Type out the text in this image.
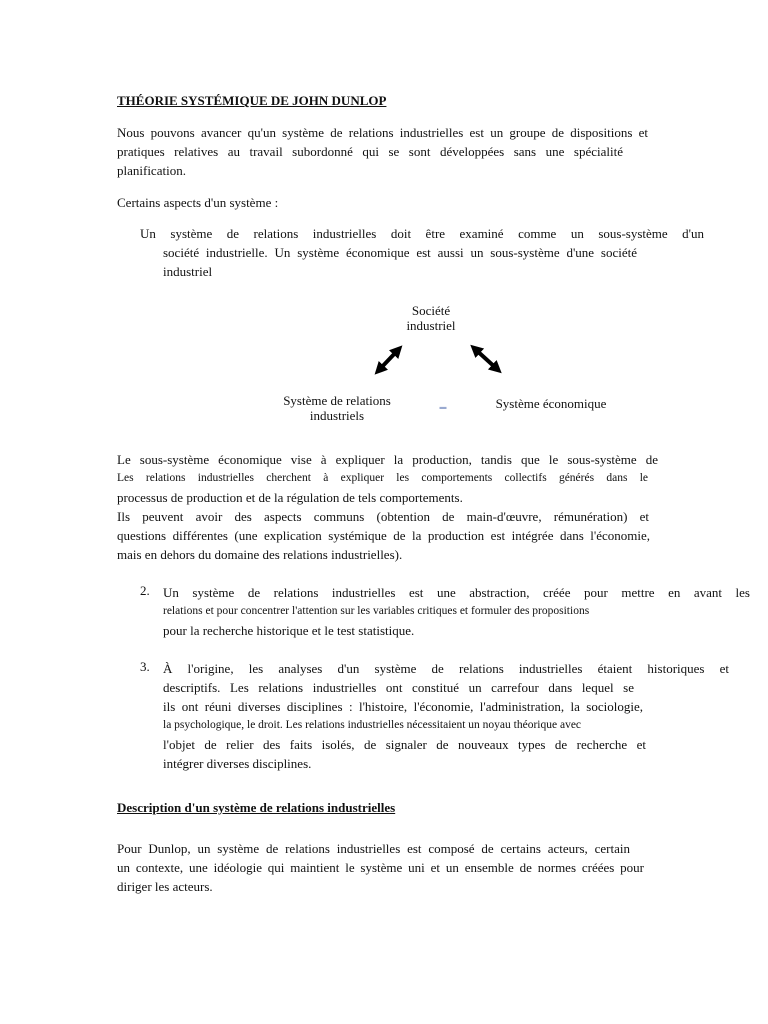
THÉORIE SYSTÉMIQUE DE JOHN DUNLOP
Nous pouvons avancer qu'un système de relations industrielles est un groupe de dispositions et
pratiques relatives au travail subordonné qui se sont développées sans une spécialité
planification.
Certains aspects d'un système :
Un système de relations industrielles doit être examiné comme un sous-système d'un
société industrielle. Un système économique est aussi un sous-système d'une société
industriel
Société
industriel
Système de relations
industriels
▬	Système économique
Le sous-système économique vise à expliquer la production, tandis que le sous-système de
Les relations industrielles cherchent à expliquer les comportements collectifs générés dans le
processus de production et de la régulation de tels comportements.
Ils peuvent avoir des aspects communs (obtention de main-d'œuvre, rémunération) et
questions différentes (une explication systémique de la production est intégrée dans l'économie,
mais en dehors du domaine des relations industrielles).
2. Un système de relations industrielles est une abstraction, créée pour mettre en avant les
relations et pour concentrer l'attention sur les variables critiques et formuler des propositions
pour la recherche historique et le test statistique.
3. À l'origine, les analyses d'un système de relations industrielles étaient historiques et
descriptifs. Les relations industrielles ont constitué un carrefour dans lequel se
ils ont réuni diverses disciplines : l'histoire, l'économie, l'administration, la sociologie,
la psychologique, le droit. Les relations industrielles nécessitaient un noyau théorique avec
l'objet de relier des faits isolés, de signaler de nouveaux types de recherche et
intégrer diverses disciplines.
Description d'un système de relations industrielles
Pour Dunlop, un système de relations industrielles est composé de certains acteurs, certain
un contexte, une idéologie qui maintient le système uni et un ensemble de normes créées pour
diriger les acteurs.
